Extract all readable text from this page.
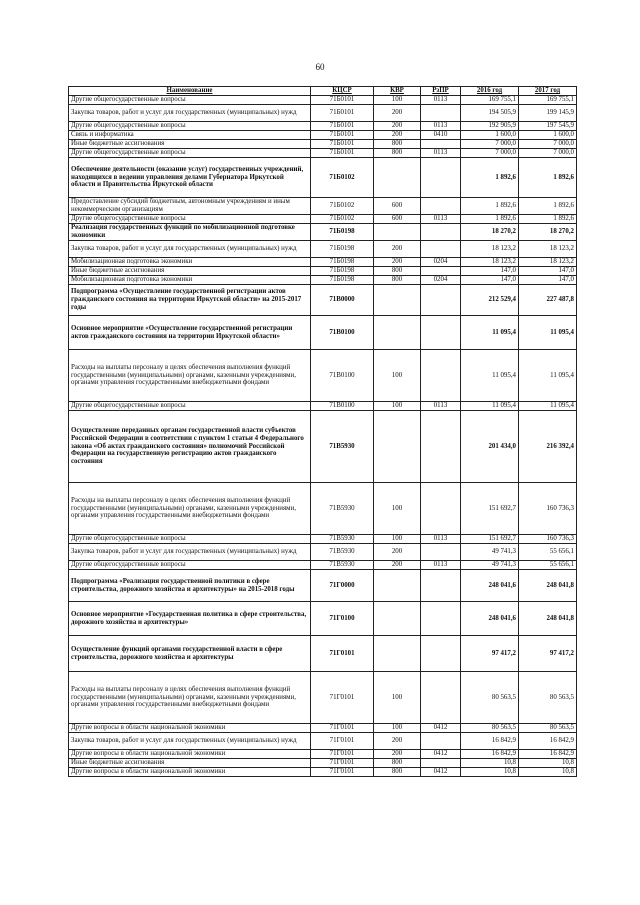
60
Наименование	КЦСР	КВР	РзПР	2016 год	2017 год
Другие общегосударственные вопросы	71Б0101	100	0113	169 755,1	169 755,1
Закупка товаров, работ и услуг для государственных (муниципальных) нужд	71Б0101	200		194 505,9	199 145,9
Другие общегосударственные вопросы	71Б0101	200	0113	192 905,9	197 545,9
Связь и информатика	71Б0101	200	0410	1 600,0	1 600,0
Иные бюджетные ассигнования	71Б0101	800		7 000,0	7 000,0
Другие общегосударственные вопросы	71Б0101	800	0113	7 000,0	7 000,0
Обеспечение деятельности (оказание услуг) государственных учреждений, находящихся в ведении управления делами Губернатора Иркутской области и Правительства Иркутской области	71Б0102			1 892,6	1 892,6
Предоставление субсидий бюджетным, автономным учреждениям и иным некоммерческим организациям	71Б0102	600		1 892,6	1 892,6
Другие общегосударственные вопросы	71Б0102	600	0113	1 892,6	1 892,6
Реализация государственных функций по мобилизационной подготовке экономики	71Б0198			18 270,2	18 270,2
Закупка товаров, работ и услуг для государственных (муниципальных) нужд	71Б0198	200		18 123,2	18 123,2
Мобилизационная подготовка экономики	71Б0198	200	0204	18 123,2	18 123,2
Иные бюджетные ассигнования	71Б0198	800		147,0	147,0
Мобилизационная подготовка экономики	71Б0198	800	0204	147,0	147,0
Подпрограмма «Осуществление государственной регистрации актов гражданского состояния на территории Иркутской области» на 2015-2017 годы	71В0000			212 529,4	227 487,8
Основное мероприятие «Осуществление государственной регистрации актов гражданского состояния на территории Иркутской области»	71В0100			11 095,4	11 095,4
Расходы на выплаты персоналу в целях обеспечения выполнения функций государственными (муниципальными) органами, казенными учреждениями, органами управления государственными внебюджетными фондами	71В0100	100		11 095,4	11 095,4
Другие общегосударственные вопросы	71В0100	100	0113	11 095,4	11 095,4
Осуществление переданных органам государственной власти субъектов Российской Федерации в соответствии с пунктом 1 статьи 4 Федерального закона «Об актах гражданского состояния» полномочий Российской Федерации на государственную регистрацию актов гражданского состояния	71В5930			201 434,0	216 392,4
Расходы на выплаты персоналу в целях обеспечения выполнения функций государственными (муниципальными) органами, казенными учреждениями, органами управления государственными внебюджетными фондами	71В5930	100		151 692,7	160 736,3
Другие общегосударственные вопросы	71В5930	100	0113	151 692,7	160 736,3
Закупка товаров, работ и услуг для государственных (муниципальных) нужд	71В5930	200		49 741,3	55 656,1
Другие общегосударственные вопросы	71В5930	200	0113	49 741,3	55 656,1
Подпрограмма «Реализация государственной политики в сфере строительства, дорожного хозяйства и архитектуры» на 2015-2018 годы	71Г0000			248 041,6	248 041,8
Основное мероприятие «Государственная политика в сфере строительства, дорожного хозяйства и архитектуры»	71Г0100			248 041,6	248 041,8
Осуществление функций органами государственной власти в сфере строительства, дорожного хозяйства и архитектуры	71Г0101			97 417,2	97 417,2
Расходы на выплаты персоналу в целях обеспечения выполнения функций государственными (муниципальными) органами, казенными учреждениями, органами управления государственными внебюджетными фондами	71Г0101	100		80 563,5	80 563,5
Другие вопросы в области национальной экономики	71Г0101	100	0412	80 563,5	80 563,5
Закупка товаров, работ и услуг для государственных (муниципальных) нужд	71Г0101	200		16 842,9	16 842,9
Другие вопросы в области национальной экономики	71Г0101	200	0412	16 842,9	16 842,9
Иные бюджетные ассигнования	71Г0101	800		10,8	10,8
Другие вопросы в области национальной экономики	71Г0101	800	0412	10,8	10,8
